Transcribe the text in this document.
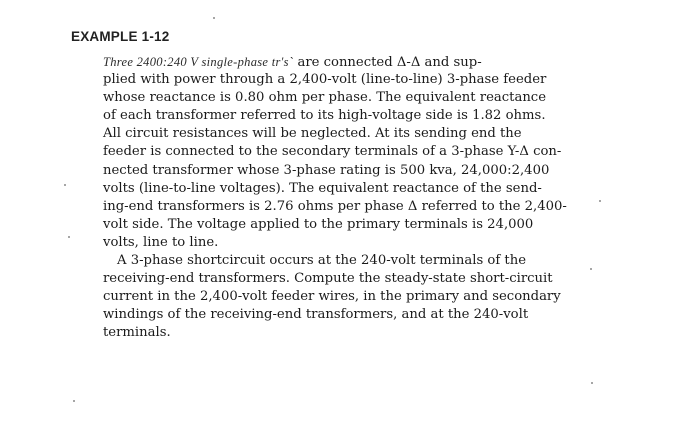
EXAMPLE 1-12
Three 2400:240 V single-phase tr's` are connected Δ-Δ and sup-
plied with power through a 2,400-volt (line-to-line) 3-phase feeder
whose reactance is 0.80 ohm per phase. The equivalent reactance
of each transformer referred to its high-voltage side is 1.82 ohms.
All circuit resistances will be neglected. At its sending end the
feeder is connected to the secondary terminals of a 3-phase Y-Δ con-
nected transformer whose 3-phase rating is 500 kva, 24,000:2,400
volts (line-to-line voltages). The equivalent reactance of the send-
ing-end transformers is 2.76 ohms per phase Δ referred to the 2,400-
volt side. The voltage applied to the primary terminals is 24,000
volts, line to line.
A 3-phase shortcircuit occurs at the 240-volt terminals of the
receiving-end transformers. Compute the steady-state short-circuit
current in the 2,400-volt feeder wires, in the primary and secondary
windings of the receiving-end transformers, and at the 240-volt
terminals.
